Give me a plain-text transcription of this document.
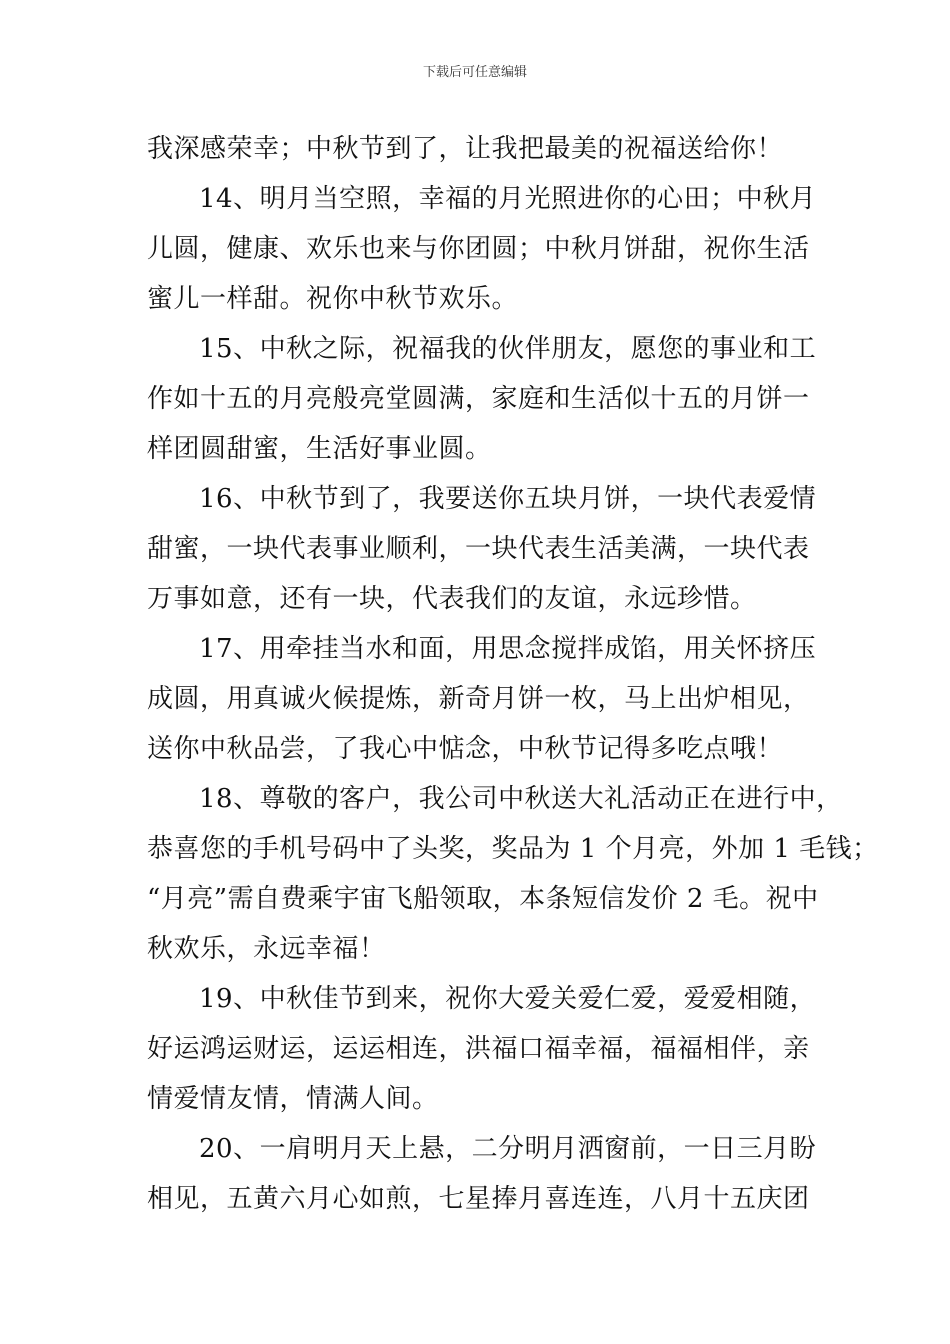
下载后可任意编辑
我深感荣幸；中秋节到了，让我把最美的祝福送给你！
14、明月当空照，幸福的月光照进你的心田；中秋月
儿圆，健康、欢乐也来与你团圆；中秋月饼甜，祝你生活
蜜儿一样甜。祝你中秋节欢乐。
15、中秋之际，祝福我的伙伴朋友，愿您的事业和工
作如十五的月亮般亮堂圆满，家庭和生活似十五的月饼一
样团圆甜蜜，生活好事业圆。
16、中秋节到了，我要送你五块月饼，一块代表爱情
甜蜜，一块代表事业顺利，一块代表生活美满，一块代表
万事如意，还有一块，代表我们的友谊，永远珍惜。
17、用牵挂当水和面，用思念搅拌成馅，用关怀挤压
成圆，用真诚火候提炼，新奇月饼一枚，马上出炉相见，
送你中秋品尝，了我心中惦念，中秋节记得多吃点哦！
18、尊敬的客户，我公司中秋送大礼活动正在进行中，
恭喜您的手机号码中了头奖，奖品为 1 个月亮，外加 1 毛钱；
“月亮”需自费乘宇宙飞船领取，本条短信发价 2 毛。祝中
秋欢乐，永远幸福！
19、中秋佳节到来，祝你大爱关爱仁爱，爱爱相随，
好运鸿运财运，运运相连，洪福口福幸福，福福相伴，亲
情爱情友情，情满人间。
20、一肩明月天上悬，二分明月洒窗前，一日三月盼
相见，五黄六月心如煎，七星捧月喜连连，八月十五庆团
